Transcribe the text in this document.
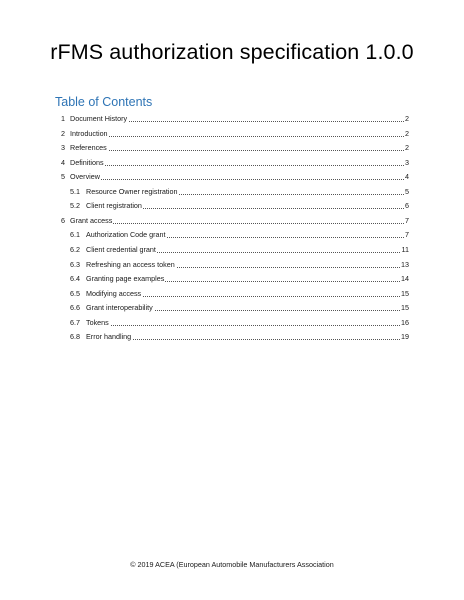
rFMS authorization specification 1.0.0
Table of Contents
1 Document History	2
2 Introduction	2
3 References	2
4 Definitions	3
5 Overview	4
5.1 Resource Owner registration	5
5.2 Client registration	6
6 Grant access	7
6.1 Authorization Code grant	7
6.2 Client credential grant	11
6.3 Refreshing an access token	13
6.4 Granting page examples	14
6.5 Modifying access	15
6.6 Grant interoperability	15
6.7 Tokens	16
6.8 Error handling	19
© 2019 ACEA (European Automobile Manufacturers Association
